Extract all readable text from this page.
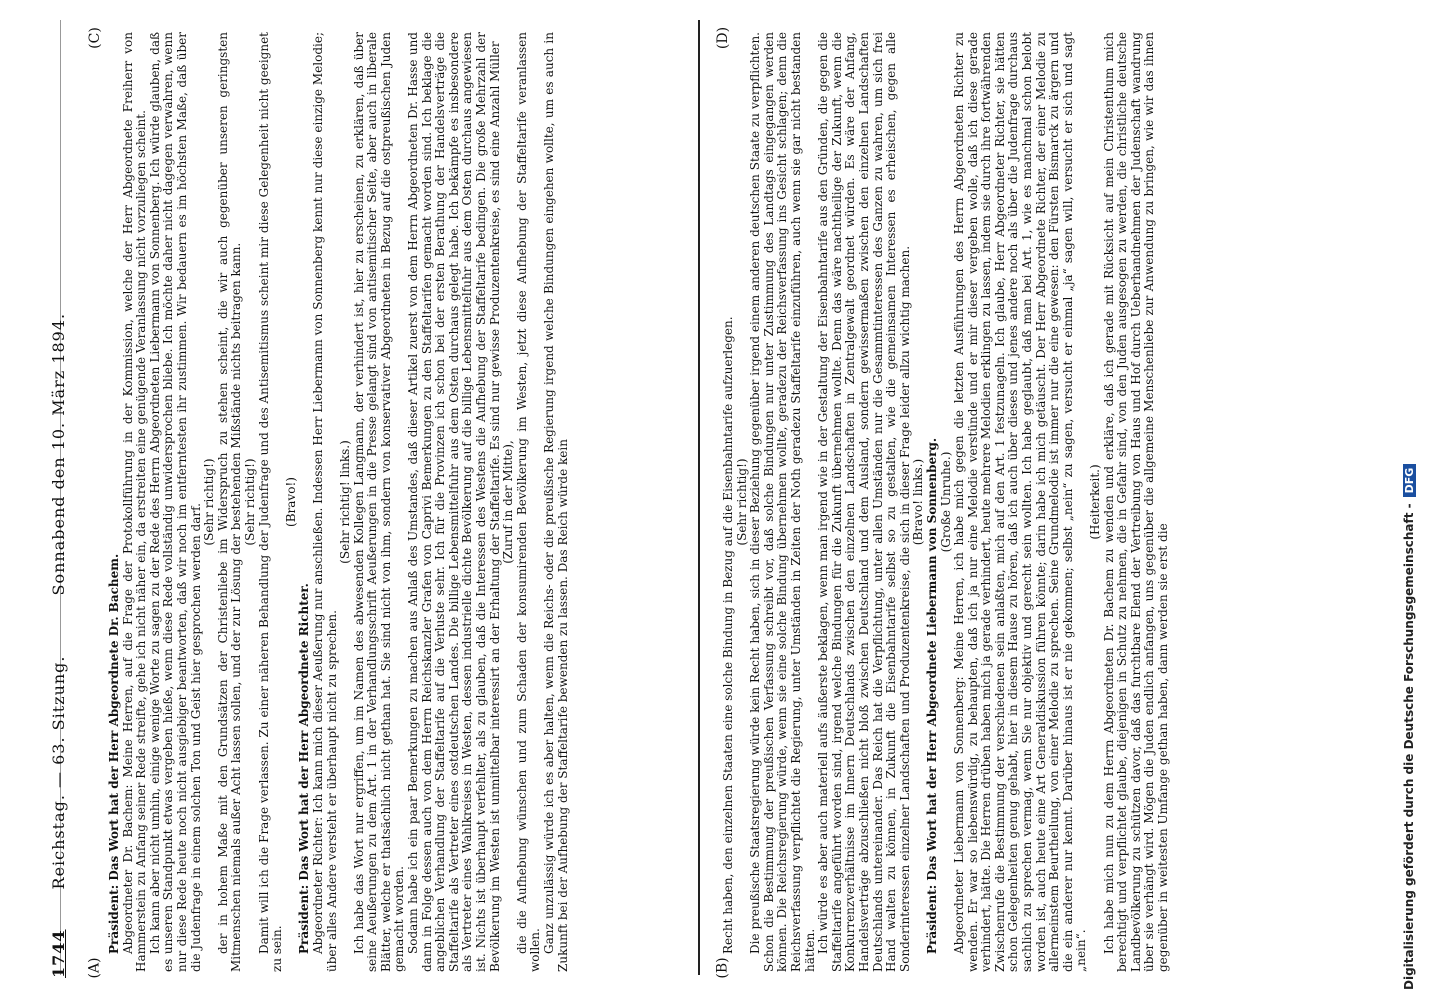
1744
Reichstag. — 63. Sitzung.
Sonnabend den 10. März 1894.
(A)	(B)
(C)	(D)

Präsident: Das Wort hat der Herr Abgeordnete Dr. Bachem. Abgeordneter Dr. Bachem: Meine Herren, auf die Frage der Protokollführung in der Kommission, welche der Herr Abgeordnete Freiherr von Hammerstein zu Anfang seiner Rede streifte, gehe ich nicht näher ein, da erstreiten eine genügende Veranlassung nicht vorzuliegen scheint. Ich kann aber nicht umhin, einige wenige Worte zu sagen zu der Rede des Herrn Abgeordneten Liebermann von Sonnenberg. Ich würde glauben, daß es unseren Standpunkt etwas vergeben hieße, wenn diese Rede vollständig unwidersprochen bliebe. Ich möchte daher nicht dagegen verwahren, wenn nur diese Rede heute noch nicht ausgiebiger beantworten, daß wir noch im entferntesten ihr zustimmen. Wir bedauern es im höchsten Maße, daß über die Judenfrage in einem solchen Ton und Geist hier gesprochen werden darf.

(Sehr richtig!) der in hohem Maße mit den Grundsätzen der Christenliebe im Widerspruch zu stehen scheint, die wir auch gegenüber unseren geringsten Mitmenschen niemals außer Acht lassen sollen, und der zur Lösung der bestehenden Mißstände nichts beitragen kann. (Sehr richtig!) Damit will ich die Frage verlassen. Zu einer näheren Behandlung der Judenfrage und des Antisemitismus scheint mir diese Gelegenheit nicht geeignet zu sein.

(Bravo!)

Präsident: Das Wort hat der Herr Abgeordnete Richter. Abgeordneter Richter: Ich kann mich dieser Aeußerung nur anschließen. Indessen Herr Liebermann von Sonnenberg kennt nur diese einzige Melodie; über alles Andere versteht er überhaupt nicht zu sprechen.

(Sehr richtig! links.) Ich habe das Wort nur ergriffen, um im Namen des abwesenden Kollegen Langmann, der verhindert ist, hier zu erscheinen, zu erklären, daß über seine Aeußerungen zu dem Art. 1 in der Verhandlungsschrift Aeußerungen in die Presse gelangt sind von antisemitischer Seite, aber auch in liberale Blätter, welche er thatsächlich nicht gethan hat. Sie sind nicht von ihm, sondern von konservativer Abgeordneten in Bezug auf die ostpreußischen Juden gemacht worden. Sodann habe ich ein paar Bemerkungen zu machen aus Anlaß des Umstandes, daß dieser Artikel zuerst von dem Herrn Abgeordneten Dr. Hasse und dann in Folge dessen auch von dem Herrn Reichskanzler Grafen von Caprivi Bemerkungen zu den Staffeltarifen gemacht worden sind. Ich beklage die angeblichen Verhandlung der Staffeltarife auf die Verluste sehr. Ich für die Provinzen ich schon bei der ersten Berathung der Handelsverträge die Staffeltarife als Vertreter eines ostdeutschen Landes. Die billige Lebensmittelfuhr aus dem Osten durchaus gelegt habe. Ich bekämpfe es insbesondere als Vertreter eines Wahlkreises in Westen, dessen industrielle dichte Bevölkerung auf die billige Lebensmittelfuhr aus dem Osten durchaus angewiesen ist. Nichts ist überhaupt verfehlter, als zu glauben, daß die Interessen des Westens die Aufhebung der Staffeltarife bedingen. Die große Mehrzahl der Bevölkerung im Westen ist unmittelbar interessirt an der Erhaltung der Staffeltarife. Es sind nur gewisse Produzentenkreise, es sind eine Anzahl Müller (Zuruf in der Mitte), die die Aufhebung wünschen und zum Schaden der konsumirenden Bevölkerung im Westen, jetzt diese Aufhebung der Staffeltarife veranlassen wollen. Ganz unzulässig würde ich es aber halten, wenn die Reichs- oder die preußische Regierung irgend welche Bindungen eingehen wollte, um es auch in Zukunft bei der Aufhebung der Staffeltarife bewenden zu lassen. Das Reich würde kein	Recht haben, den einzelnen Staaten eine solche Bindung in Bezug auf die Eisenbahntarife aufzuerlegen. (Sehr richtig!) Die preußische Staatsregierung würde kein Recht haben, sich in dieser Beziehung gegenüber irgend einem anderen deutschen Staate zu verpflichten. Schon die Bestimmung der preußischen Verfassung schreibt vor, daß solche Bindungen nur unter Zustimmung des Landtags eingegangen werden können. Die Reichsregierung würde, wenn sie eine solche Bindung übernehmen wollte, geradezu der Reichsverfassung ins Gesicht schlagen; denn die Reichsverfassung verpflichtet die Regierung, unter Umständen in Zeiten der Noth geradezu Staffeltarife einzuführen, auch wenn sie gar nicht bestanden hätten. Ich würde es aber auch materiell aufs äußerste beklagen, wenn man irgend wie in der Gestaltung der Eisenbahntarife aus den Gründen, die gegen die Staffeltarife angeführt worden sind, irgend welche Bindungen für die Zukunft übernehmen wollte. Denn das wäre nachtheilige der Zukunft, wenn die Konkurrenzverhältnisse im Innern Deutschlands zwischen den einzelnen Landschaften in Zentralgewalt geordnet würden. Es wäre der Anfang, Handelsverträge abzuschließen nicht bloß zwischen Deutschland und dem Ausland, sondern gewissermaßen zwischen den einzelnen Landschaften Deutschlands untereinander. Das Reich hat die Verpflichtung, unter allen Umständen nur die Gesammtinteressen des Ganzen zu wahren, um sich frei Hand walten zu können, in Zukunft die Eisenbahntarife selbst so zu gestalten, wie die gemeinsamen Interessen es erheischen, gegen alle Sonderinteressen einzelner Landschaften und Produzentenkreise, die sich in dieser Frage leider allzu wichtig machen. (Bravo! links.) Präsident: Das Wort hat der Herr Abgeordnete Liebermann von Sonnenberg. (Große Unruhe.) Abgeordneter Liebermann von Sonnenberg: Meine Herren, ich habe mich gegen die letzten Ausführungen des Herrn Abgeordneten Richter zu wenden. Er war so liebenswürdig, zu behaupten, daß ich ja nur eine Melodie verstünde und er mir dieser vergeben wolle, daß ich diese gerade verhindert, hätte. Die Herren drüben haben mich ja gerade verhindert, heute mehrere Melodien erklingen zu lassen, indem sie durch ihre fortwährenden Zwischenrufe die Bestimmung der verschiedenen sein anlaßten, mich auf den Art. 1 festzunageln. Ich glaube, Herr Abgeordneter Richter, sie hätten schon Gelegenheiten genug gehabt, hier in diesem Hause zu hören, daß ich auch über dieses und jenes andere noch als über die Judenfrage durchaus sachlich zu sprechen vermag, wenn Sie nur objektiv und gerecht sein wollten. Ich habe geglaubt, daß man bei Art. 1, wie es manchmal schon belobt worden ist, auch heute eine Art Generaldiskussion führen könnte; darin habe ich mich getäuscht. Der Herr Abgeordnete Richter, der einer Melodie zu allermeinstem Beurtheilung, von einer Melodie zu sprechen. Seine Grundmelodie ist immer nur die eine gewesen: den Fürsten Bismarck zu ärgern und die ein anderer nur kennt. Darüber hinaus ist er nie gekommen; selbst „nein“ zu sagen, versucht er einmal „ja“ sagen will, versucht er sich und sagt „nein“.

(Heiterkeit.) Ich habe mich nun zu dem Herrn Abgeordneten Dr. Bachem zu wenden und erkläre, daß ich gerade mit Rücksicht auf mein Christenthum mich berechtigt und verpflichtet glaube, diejenigen in Schutz zu nehmen, die in Gefahr sind, von den Juden ausgesogen zu werden, die christliche deutsche Landbevölkerung zu schützen davor, daß das furchtbare Elend der Vertreibung von Haus und Hof durch Ueberhandnehmen der Judenschaft wandrung über sie verhängt wird. Mögen die Juden endlich anfangen, uns gegenüber die allgemeine Menschenliebe zur Anwendung zu bringen, wie wir das ihnen gegenüber in weitesten Umfange gethan haben, dann werden sie erst die	Digitalisierung gefördert durch die Deutsche Forschungsgemeinschaft -DFG
